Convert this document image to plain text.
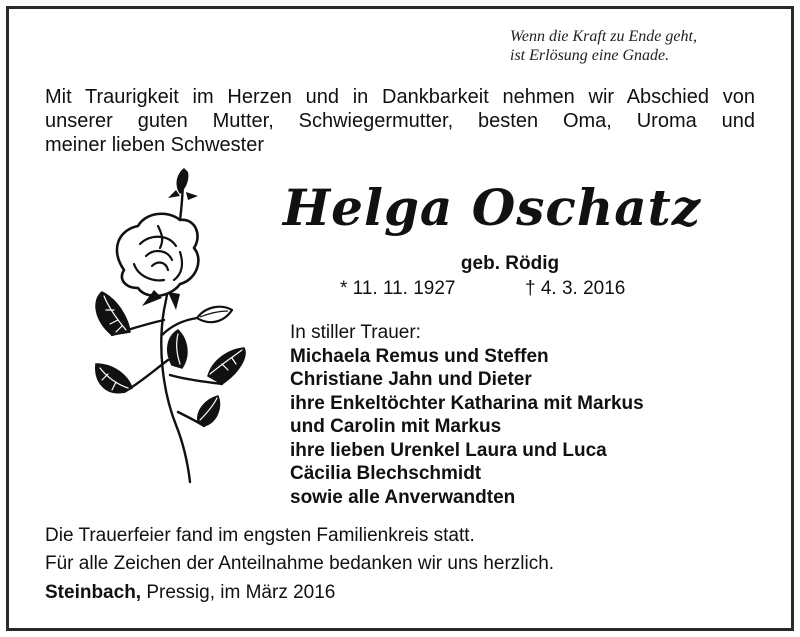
Wenn die Kraft zu Ende geht,
ist Erlösung eine Gnade.
Mit Traurigkeit im Herzen und in Dankbarkeit nehmen wir Abschied von
unserer guten Mutter, Schwiegermutter, besten Oma, Uroma und
meiner lieben Schwester
Helga Oschatz
geb. Rödig
* 11. 11. 1927	† 4. 3. 2016
In stiller Trauer:
Michaela Remus und Steffen
Christiane Jahn und Dieter
ihre Enkeltöchter Katharina mit Markus
und Carolin mit Markus
ihre lieben Urenkel Laura und Luca
Cäcilia Blechschmidt
sowie alle Anverwandten
Die Trauerfeier fand im engsten Familienkreis statt.
Für alle Zeichen der Anteilnahme bedanken wir uns herzlich.
Steinbach, Pressig, im März 2016
